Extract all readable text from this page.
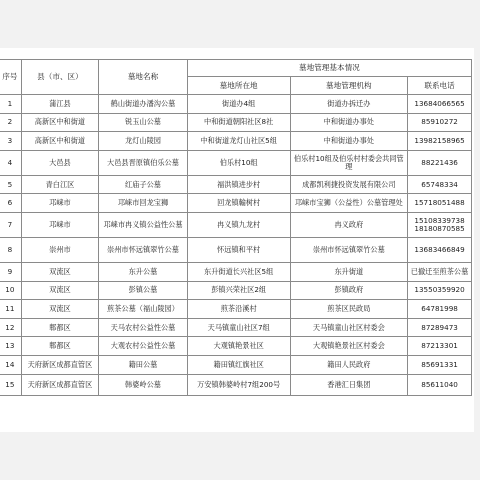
序号	县（市、区）	墓地名称	墓地管理基本情况		
			墓地所在地	墓地管理机构	联系电话
1	蒲江县	鹤山街道办潘沟公墓	街道办4组	街道办拆迁办	13684066565
2	高新区中和街道	锐玉山公墓	中和街道朝阳社区8社	中和街道办事处	85910272
3	高新区中和街道	龙灯山陵园	中和街道龙灯山社区5组	中和街道办事处	13982158965
4	大邑县	大邑县晋原镇伯乐公墓	伯乐村10组	伯乐村10组及伯乐村村委会共同管理	88221436
5	青白江区	红庙子公墓	福洪镇进步村	成都凯利捷投资发展有限公司	65748334
6	邛崃市	邛崃市回龙宝狮	回龙镇輸树村	邛崃市宝狮（公益性）公墓管理处	15718051488
7	邛崃市	邛崃市冉义镇公益性公墓	冉义镇九龙村	冉义政府	15108339738
18180870585
8	崇州市	崇州市怀远镇翠竹公墓	怀远镇和平村	崇州市怀远镇翠竹公墓	13683466849
9	双流区	东升公墓	东升街道长兴社区5组	东升街道	已撤迁至煎茶公墓
10	双流区	彭镇公墓	彭镇兴荣社区2组	彭镇政府	13550359920
11	双流区	煎茶公墓（福山陵园）	煎茶沿溪村	煎茶区民政局	64781998
12	郫都区	天马农村公益性公墓	天马镇童山社区7组	天马镇童山社区村委会	87289473
13	郫都区	大观农村公益性公墓	大观镇艳景社区	大观镇艳景社区村委会	87213301
14	天府新区成都直管区	籍田公墓	籍田镇红旗社区	籍田人民政府	85691331
15	天府新区成都直管区	韩婆岭公墓	万安镇韩婆岭村7组200号	香港汇日集团	85611040
